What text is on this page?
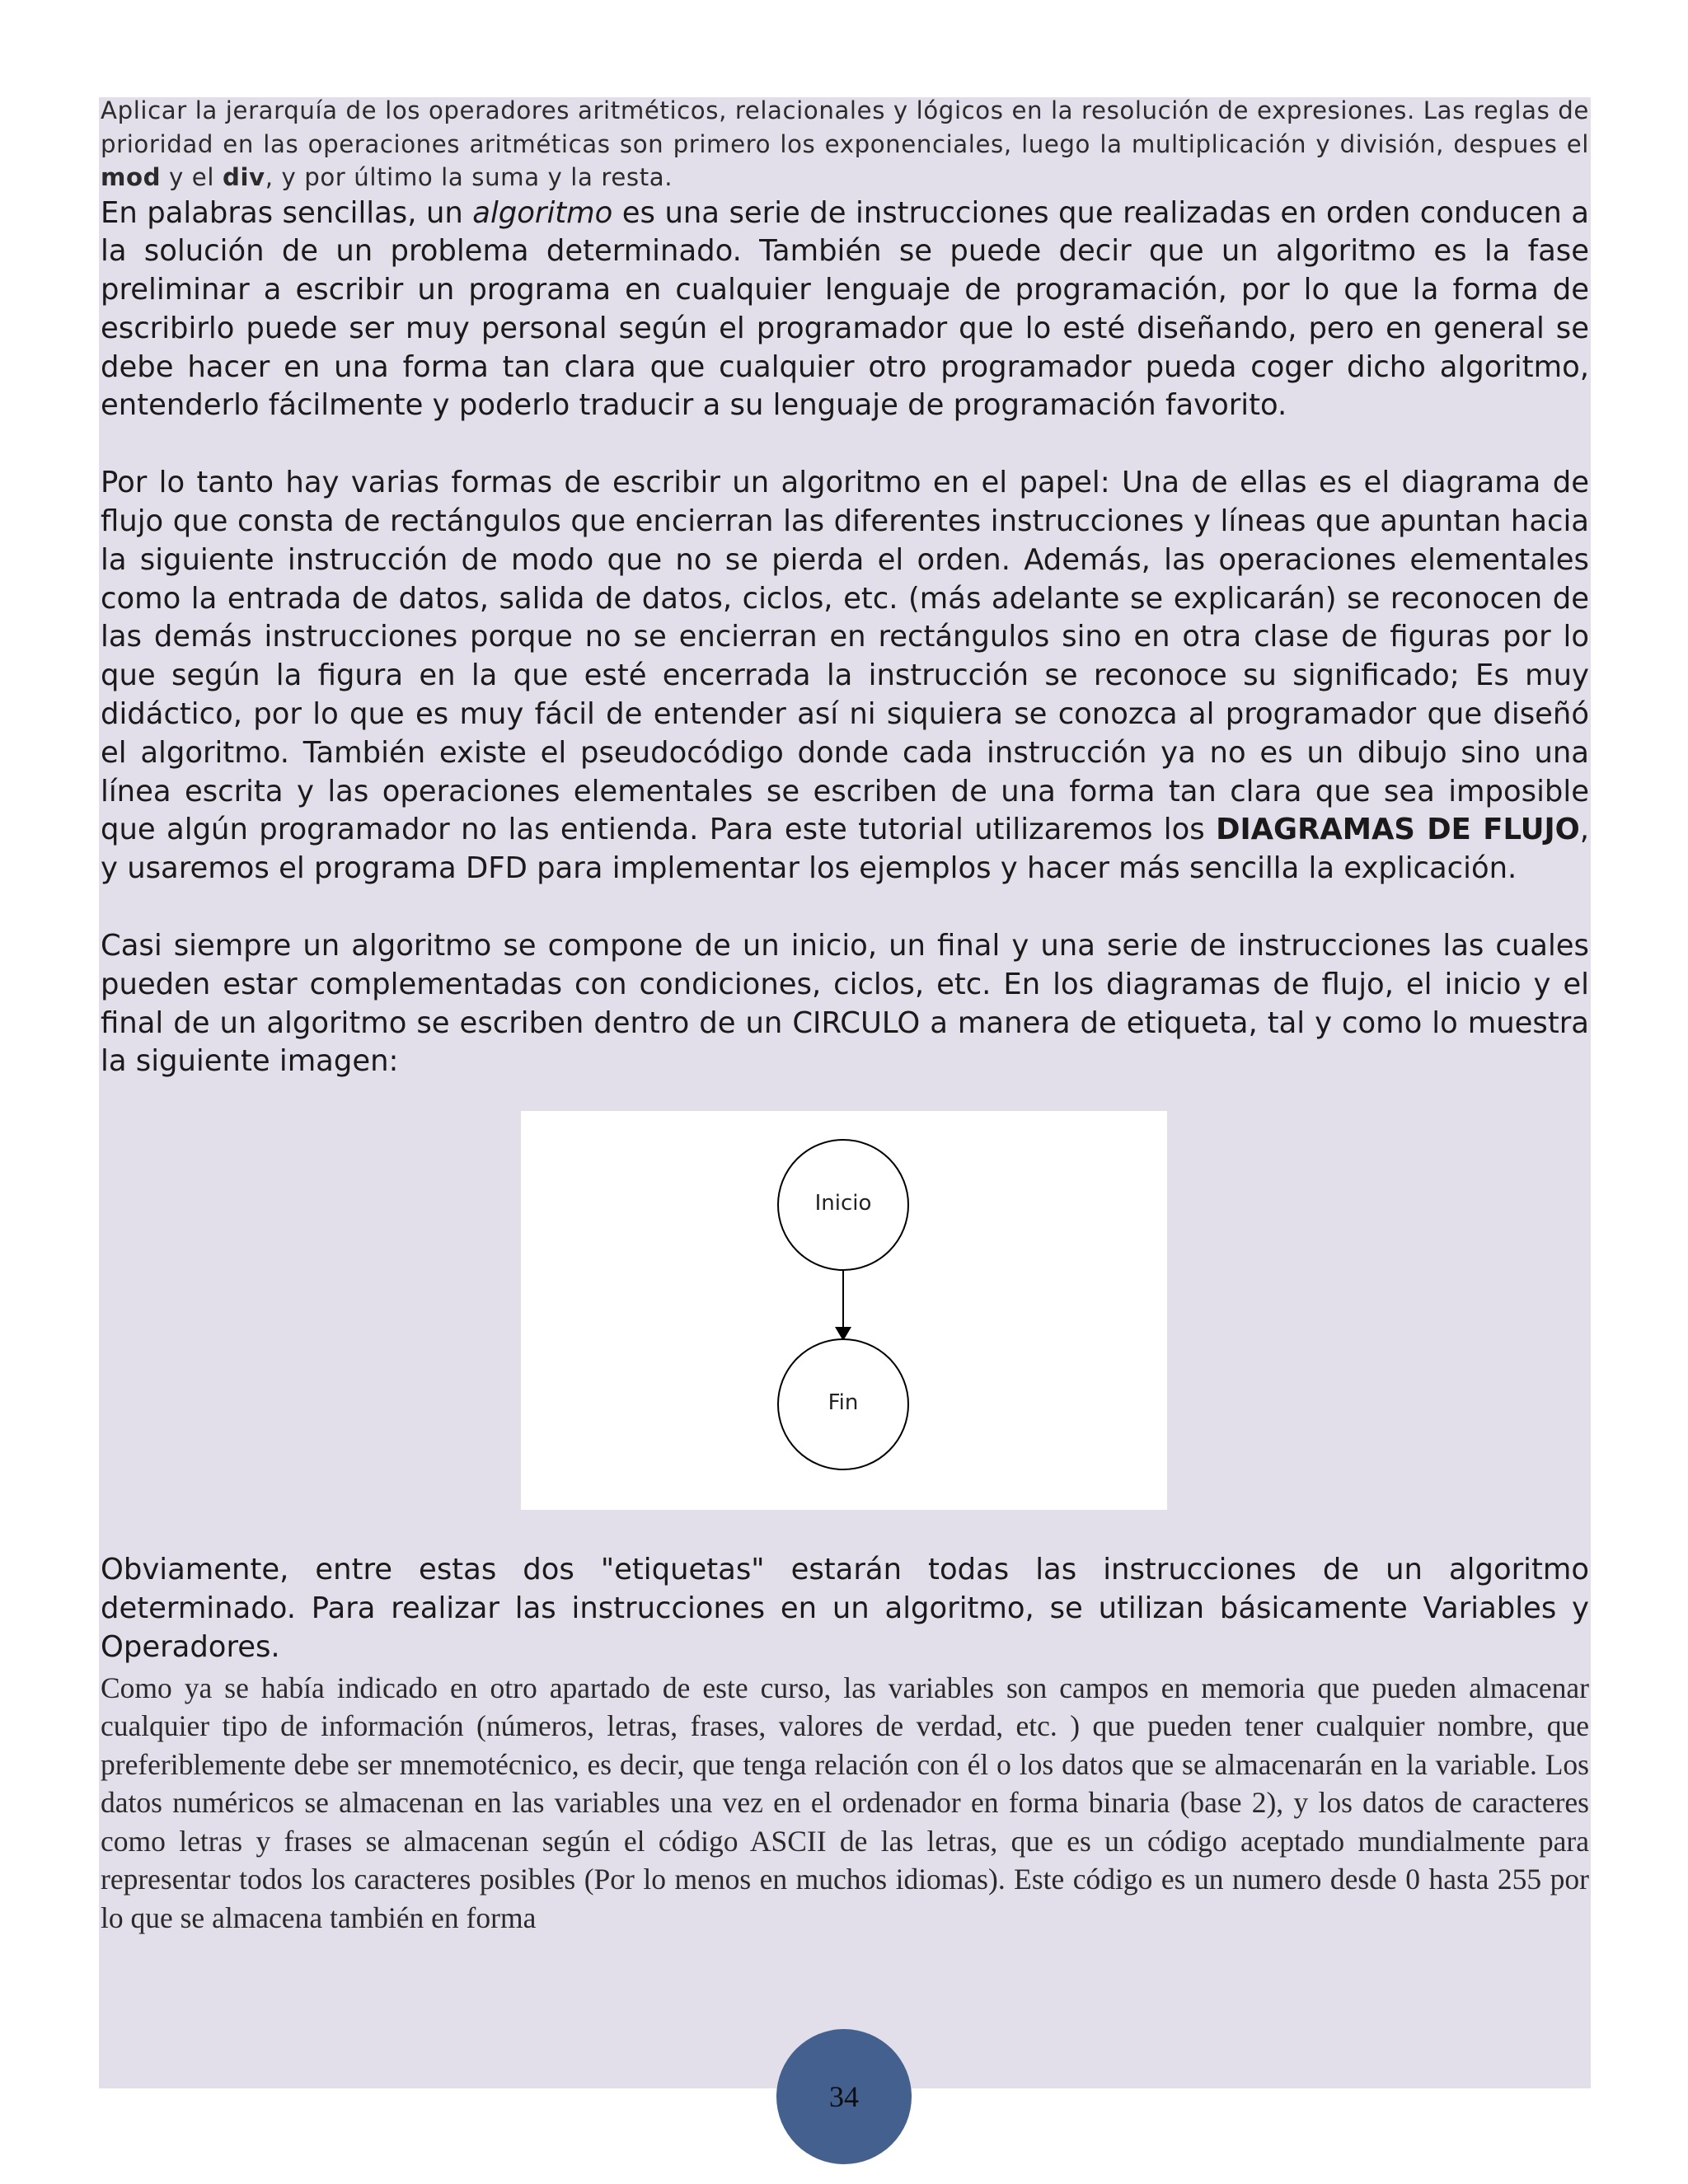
Aplicar la jerarquía de los operadores aritméticos, relacionales y lógicos en la resolución de expresiones. Las reglas de prioridad en las operaciones aritméticas son primero los exponenciales, luego la multiplicación y división, despues el mod y el div, y por último la suma y la resta.

En palabras sencillas, un algoritmo es una serie de instrucciones que realizadas en orden conducen a la solución de un problema determinado. También se puede decir que un algoritmo es la fase preliminar a escribir un programa en cualquier lenguaje de programación, por lo que la forma de escribirlo puede ser muy personal según el programador que lo esté diseñando, pero en general se debe hacer en una forma tan clara que cualquier otro programador pueda coger dicho algoritmo, entenderlo fácilmente y poderlo traducir a su lenguaje de programación favorito.

Por lo tanto hay varias formas de escribir un algoritmo en el papel: Una de ellas es el diagrama de flujo que consta de rectángulos que encierran las diferentes instrucciones y líneas que apuntan hacia la siguiente instrucción de modo que no se pierda el orden. Además, las operaciones elementales como la entrada de datos, salida de datos, ciclos, etc. (más adelante se explicarán) se reconocen de las demás instrucciones porque no se encierran en rectángulos sino en otra clase de figuras por lo que según la figura en la que esté encerrada la instrucción se reconoce su significado; Es muy didáctico, por lo que es muy fácil de entender así ni siquiera se conozca al programador que diseñó el algoritmo. También existe el pseudocódigo donde cada instrucción ya no es un dibujo sino una línea escrita y las operaciones elementales se escriben de una forma tan clara que sea imposible que algún programador no las entienda. Para este tutorial utilizaremos los DIAGRAMAS DE FLUJO, y usaremos el programa DFD para implementar los ejemplos y hacer más sencilla la explicación.

Casi siempre un algoritmo se compone de un inicio, un final y una serie de instrucciones las cuales pueden estar complementadas con condiciones, ciclos, etc. En los diagramas de flujo, el inicio y el final de un algoritmo se escriben dentro de un CIRCULO a manera de etiqueta, tal y como lo muestra la siguiente imagen:

Inicio
Fin

Obviamente, entre estas dos "etiquetas" estarán todas las instrucciones de un algoritmo determinado. Para realizar las instrucciones en un algoritmo, se utilizan básicamente Variables y Operadores.

Como ya se había indicado en otro apartado de este curso, las variables son campos en memoria que pueden almacenar cualquier tipo de información (números, letras, frases, valores de verdad, etc. ) que pueden tener cualquier nombre, que preferiblemente debe ser mnemotécnico, es decir, que tenga relación con él o los datos que se almacenarán en la variable. Los datos numéricos se almacenan en las variables una vez en el ordenador en forma binaria (base 2), y los datos de caracteres como letras y frases se almacenan según el código ASCII de las letras, que es un código aceptado mundialmente para representar todos los caracteres posibles (Por lo menos en muchos idiomas). Este código es un numero desde 0 hasta 255 por lo que se almacena también en forma

34
